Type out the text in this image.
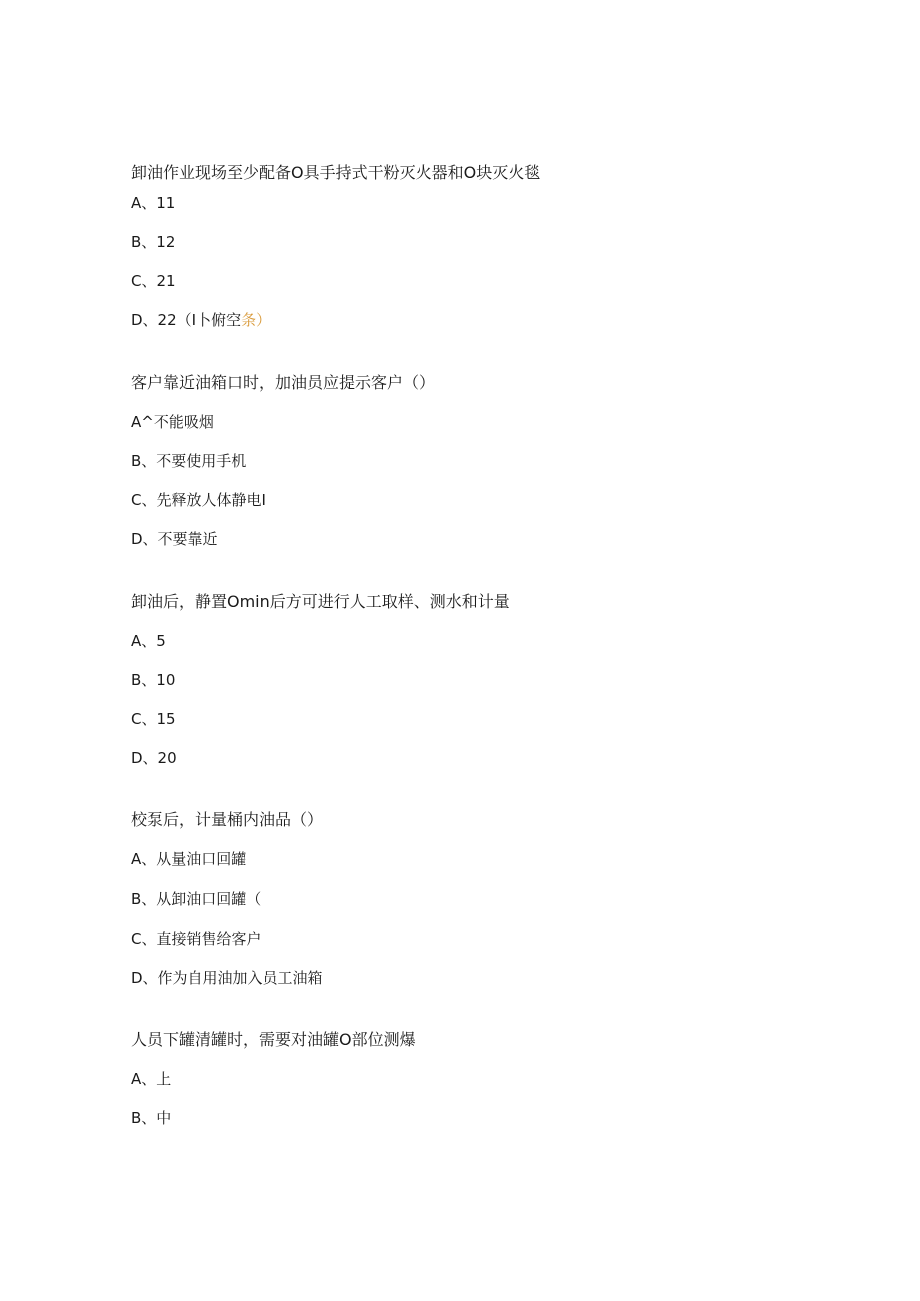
卸油作业现场至少配备O具手持式干粉灭火器和O块灭火毯
A、11
B、12
C、21
D、22（I卜俯空条）
客户靠近油箱口时，加油员应提示客户（）
A^不能吸烟
B、不要使用手机
C、先释放人体静电I
D、不要靠近
卸油后，静置Omin后方可进行人工取样、测水和计量
A、5
B、10
C、15
D、20
校泵后，计量桶内油品（）
A、从量油口回罐
B、从卸油口回罐（
C、直接销售给客户
D、作为自用油加入员工油箱
人员下罐清罐时，需要对油罐O部位测爆
A、上
B、中
